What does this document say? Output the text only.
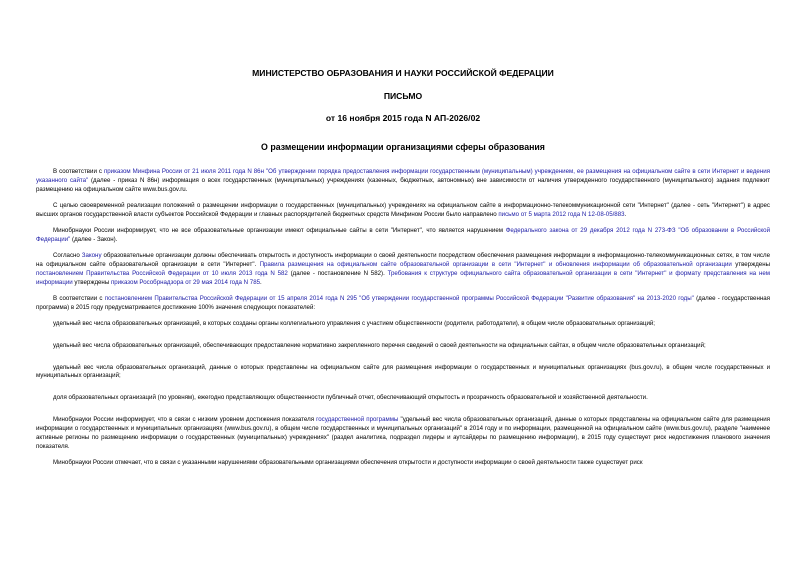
МИНИСТЕРСТВО ОБРАЗОВАНИЯ И НАУКИ РОССИЙСКОЙ ФЕДЕРАЦИИ
ПИСЬМО
от 16 ноября 2015 года N АП-2026/02
О размещении информации организациями сферы образования

В соответствии с приказом Минфина России от 21 июля 2011 года N 86н "Об утверждении порядка предоставления информации государственным (муниципальным) учреждением, ее размещения на официальном сайте в сети Интернет и ведения указанного сайта" (далее - приказ N 86н) информация о всех государственных (муниципальных) учреждениях (казенных, бюджетных, автономных) вне зависимости от наличия утвержденного государственного (муниципального) задания подлежит размещению на официальном сайте www.bus.gov.ru.

С целью своевременной реализации положений о размещении информации о государственных (муниципальных) учреждениях на официальном сайте в информационно-телекоммуникационной сети "Интернет" (далее - сеть "Интернет") в адрес высших органов государственной власти субъектов Российской Федерации и главных распорядителей бюджетных средств Минфином России было направлено письмо от 5 марта 2012 года N 12-08-05/883.

Минобрнауки России информирует, что не все образовательные организации имеют официальные сайты в сети "Интернет", что является нарушением Федерального закона от 29 декабря 2012 года N 273-ФЗ "Об образовании в Российской Федерации" (далее - Закон).

Согласно Закону образовательные организации должны обеспечивать открытость и доступность информации о своей деятельности посредством обеспечения размещения информации в информационно-телекоммуникационных сетях, в том числе на официальном сайте образовательной организации в сети "Интернет". Правила размещения на официальном сайте образовательной организации в сети "Интернет" и обновления информации об образовательной организации утверждены постановлением Правительства Российской Федерации от 10 июля 2013 года N 582 (далее - постановление N 582). Требования к структуре официального сайта образовательной организации в сети "Интернет" и формату представления на нем информации утверждены приказом Рособрнадзора от 29 мая 2014 года N 785.

В соответствии с постановлением Правительства Российской Федерации от 15 апреля 2014 года N 295 "Об утверждении государственной программы Российской Федерации "Развитие образования" на 2013-2020 годы" (далее - государственная программа) в 2015 году предусматривается достижение 100% значения следующих показателей:

удельный вес числа образовательных организаций, в которых созданы органы коллегиального управления с участием общественности (родители, работодатели), в общем числе образовательных организаций;

удельный вес числа образовательных организаций, обеспечивающих предоставление нормативно закрепленного перечня сведений о своей деятельности на официальных сайтах, в общем числе образовательных организаций;

удельный вес числа образовательных организаций, данные о которых представлены на официальном сайте для размещения информации о государственных и муниципальных организациях (bus.gov.ru), в общем числе государственных и муниципальных организаций;

доля образовательных организаций (по уровням), ежегодно представляющих общественности публичный отчет, обеспечивающий открытость и прозрачность образовательной и хозяйственной деятельности.

Минобрнауки России информирует, что в связи с низким уровнем достижения показателя государственной программы "удельный вес числа образовательных организаций, данные о которых представлены на официальном сайте для размещения информации о государственных и муниципальных организациях (www.bus.gov.ru), в общем числе государственных и муниципальных организаций" в 2014 году и по информации, размещенной на официальном сайте (www.bus.gov.ru), разделе "наименее активные регионы по размещению информации о государственных (муниципальных) учреждениях" (раздел аналитика, подраздел лидеры и аутсайдеры по размещению информации), в 2015 году существует риск недостижения планового значения показателя.

Минобрнауки России отмечает, что в связи с указанными нарушениями образовательными организациями обеспечения открытости и доступности информации о своей деятельности также существует риск
